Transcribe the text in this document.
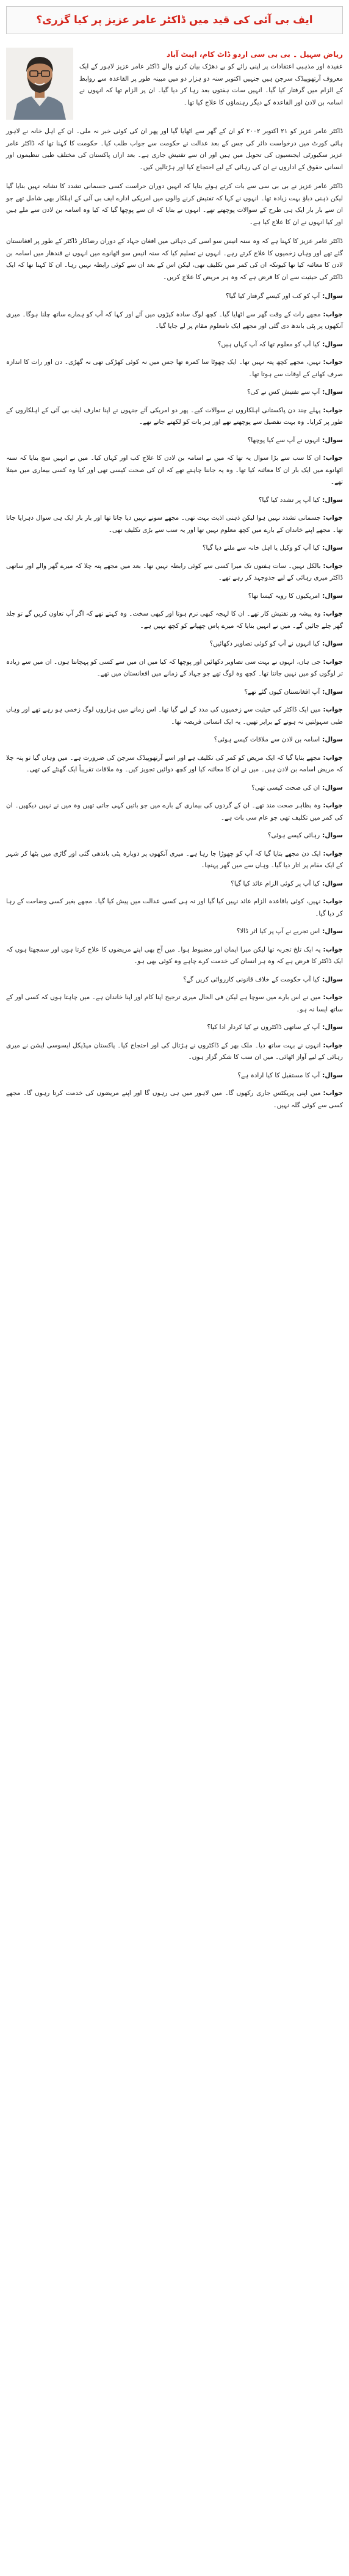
ایف بی آئی کی قید میں ڈاکٹر عامر عزیز پر کیا گزری؟
ریاض سہیل ۔ بی بی سی اردو ڈاٹ کام، ایبٹ آباد
عقیدہ اور مذہبی اعتقادات پر اپنی رائے کو بے دھڑک بیان کرنے والے ڈاکٹر عامر عزیز لاہور کے ایک معروف آرتھوپیڈک سرجن ہیں جنہیں اکتوبر سنہ دو ہزار دو میں مبینہ طور پر القاعدہ سے روابط کے الزام میں گرفتار کیا گیا۔ انہیں سات ہفتوں بعد رہا کر دیا گیا۔ ان پر الزام تھا کہ انہوں نے اسامہ بن لادن اور القاعدہ کے دیگر رہنماؤں کا علاج کیا تھا۔

ڈاکٹر عامر عزیز کو ۲۱ اکتوبر ۲۰۰۲ کو ان کے گھر سے اٹھایا گیا اور پھر ان کی کوئی خبر نہ ملی۔ ان کے اہل خانہ نے لاہور ہائی کورٹ میں درخواست دائر کی جس کے بعد عدالت نے حکومت سے جواب طلب کیا۔ حکومت کا کہنا تھا کہ ڈاکٹر عامر عزیز سکیورٹی ایجنسیوں کی تحویل میں ہیں اور ان سے تفتیش جاری ہے۔ بعد ازاں پاکستان کی مختلف طبی تنظیموں اور انسانی حقوق کے اداروں نے ان کی رہائی کے لیے احتجاج کیا اور ہڑتالیں کیں۔

ڈاکٹر عامر عزیز نے بی بی سی سے بات کرتے ہوئے بتایا کہ انہیں دوران حراست کسی جسمانی تشدد کا نشانہ نہیں بنایا گیا لیکن ذہنی دباؤ بہت زیادہ تھا۔ انہوں نے کہا کہ تفتیش کرنے والوں میں امریکی ادارے ایف بی آئی کے اہلکار بھی شامل تھے جو ان سے بار بار ایک ہی طرح کے سوالات پوچھتے تھے۔ انہوں نے بتایا کہ ان سے پوچھا گیا کہ کیا وہ اسامہ بن لادن سے ملے ہیں اور کیا انہوں نے ان کا علاج کیا ہے۔

ڈاکٹر عامر عزیز کا کہنا ہے کہ وہ سنہ انیس سو اسی کی دہائی میں افغان جہاد کے دوران رضاکار ڈاکٹر کے طور پر افغانستان گئے تھے اور وہاں زخمیوں کا علاج کرتے رہے۔ انہوں نے تسلیم کیا کہ سنہ انیس سو اٹھانوے میں انہوں نے قندھار میں اسامہ بن لادن کا معائنہ کیا تھا کیونکہ ان کی کمر میں تکلیف تھی، لیکن اس کے بعد ان سے کوئی رابطہ نہیں رہا۔ ان کا کہنا تھا کہ ایک ڈاکٹر کی حیثیت سے ان کا فرض ہے کہ وہ ہر مریض کا علاج کریں۔

سوال:آپ کو کب اور کیسے گرفتار کیا گیا؟
جواب:مجھے رات کے وقت گھر سے اٹھایا گیا۔ کچھ لوگ سادہ کپڑوں میں آئے اور کہا کہ آپ کو ہمارے ساتھ چلنا ہوگا۔ میری آنکھوں پر پٹی باندھ دی گئی اور مجھے ایک نامعلوم مقام پر لے جایا گیا۔
سوال:کیا آپ کو معلوم تھا کہ آپ کہاں ہیں؟
جواب:نہیں، مجھے کچھ پتہ نہیں تھا۔ ایک چھوٹا سا کمرہ تھا جس میں نہ کوئی کھڑکی تھی نہ گھڑی۔ دن اور رات کا اندازہ صرف کھانے کے اوقات سے ہوتا تھا۔
سوال:آپ سے تفتیش کس نے کی؟
جواب:پہلے چند دن پاکستانی اہلکاروں نے سوالات کیے۔ پھر دو امریکی آئے جنہوں نے اپنا تعارف ایف بی آئی کے اہلکاروں کے طور پر کرایا۔ وہ بہت تفصیل سے پوچھتے تھے اور ہر بات کو لکھتے جاتے تھے۔
سوال:انہوں نے آپ سے کیا پوچھا؟
جواب:ان کا سب سے بڑا سوال یہ تھا کہ میں نے اسامہ بن لادن کا علاج کب اور کہاں کیا۔ میں نے انہیں سچ بتایا کہ سنہ اٹھانوے میں ایک بار ان کا معائنہ کیا تھا۔ وہ یہ جاننا چاہتے تھے کہ ان کی صحت کیسی تھی اور کیا وہ کسی بیماری میں مبتلا تھے۔
سوال:کیا آپ پر تشدد کیا گیا؟
جواب:جسمانی تشدد نہیں ہوا لیکن ذہنی اذیت بہت تھی۔ مجھے سونے نہیں دیا جاتا تھا اور بار بار ایک ہی سوال دہرایا جاتا تھا۔ مجھے اپنے خاندان کے بارے میں کچھ معلوم نہیں تھا اور یہ سب سے بڑی تکلیف تھی۔
سوال:کیا آپ کو وکیل یا اہل خانہ سے ملنے دیا گیا؟
جواب:بالکل نہیں۔ سات ہفتوں تک میرا کسی سے کوئی رابطہ نہیں تھا۔ بعد میں مجھے پتہ چلا کہ میرے گھر والے اور ساتھی ڈاکٹر میری رہائی کے لیے جدوجہد کر رہے تھے۔
سوال:امریکیوں کا رویہ کیسا تھا؟
جواب:وہ پیشہ ور تفتیش کار تھے۔ ان کا لہجہ کبھی نرم ہوتا اور کبھی سخت۔ وہ کہتے تھے کہ اگر آپ تعاون کریں گے تو جلد گھر چلے جائیں گے۔ میں نے انہیں بتایا کہ میرے پاس چھپانے کو کچھ نہیں ہے۔
سوال:کیا انہوں نے آپ کو کوئی تصاویر دکھائیں؟
جواب:جی ہاں، انہوں نے بہت سی تصاویر دکھائیں اور پوچھا کہ کیا میں ان میں سے کسی کو پہچانتا ہوں۔ ان میں سے زیادہ تر لوگوں کو میں نہیں جانتا تھا۔ کچھ وہ لوگ تھے جو جہاد کے زمانے میں افغانستان میں تھے۔
سوال:آپ افغانستان کیوں گئے تھے؟
جواب:میں ایک ڈاکٹر کی حیثیت سے زخمیوں کی مدد کے لیے گیا تھا۔ اس زمانے میں ہزاروں لوگ زخمی ہو رہے تھے اور وہاں طبی سہولتیں نہ ہونے کے برابر تھیں۔ یہ ایک انسانی فریضہ تھا۔
سوال:اسامہ بن لادن سے ملاقات کیسے ہوئی؟
جواب:مجھے بتایا گیا کہ ایک مریض کو کمر کی تکلیف ہے اور اسے آرتھوپیڈک سرجن کی ضرورت ہے۔ میں وہاں گیا تو پتہ چلا کہ مریض اسامہ بن لادن ہیں۔ میں نے ان کا معائنہ کیا اور کچھ دوائیں تجویز کیں۔ وہ ملاقات تقریباً ایک گھنٹے کی تھی۔
سوال:ان کی صحت کیسی تھی؟
جواب:وہ بظاہر صحت مند تھے۔ ان کے گردوں کی بیماری کے بارے میں جو باتیں کہی جاتی تھیں وہ میں نے نہیں دیکھیں۔ ان کی کمر میں تکلیف تھی جو عام سی بات ہے۔
سوال:رہائی کیسے ہوئی؟
جواب:ایک دن مجھے بتایا گیا کہ آپ کو چھوڑا جا رہا ہے۔ میری آنکھوں پر دوبارہ پٹی باندھی گئی اور گاڑی میں بٹھا کر شہر کے ایک مقام پر اتار دیا گیا۔ وہاں سے میں گھر پہنچا۔
سوال:کیا آپ پر کوئی الزام عائد کیا گیا؟
جواب:نہیں، کوئی باقاعدہ الزام عائد نہیں کیا گیا اور نہ ہی کسی عدالت میں پیش کیا گیا۔ مجھے بغیر کسی وضاحت کے رہا کر دیا گیا۔
سوال:اس تجربے نے آپ پر کیا اثر ڈالا؟
جواب:یہ ایک تلخ تجربہ تھا لیکن میرا ایمان اور مضبوط ہوا۔ میں آج بھی اپنے مریضوں کا علاج کرتا ہوں اور سمجھتا ہوں کہ ایک ڈاکٹر کا فرض ہے کہ وہ ہر انسان کی خدمت کرے چاہے وہ کوئی بھی ہو۔
سوال:کیا آپ حکومت کے خلاف قانونی کارروائی کریں گے؟
جواب:میں نے اس بارے میں سوچا ہے لیکن فی الحال میری ترجیح اپنا کام اور اپنا خاندان ہے۔ میں چاہتا ہوں کہ کسی اور کے ساتھ ایسا نہ ہو۔
سوال:آپ کے ساتھی ڈاکٹروں نے کیا کردار ادا کیا؟
جواب:انہوں نے بہت ساتھ دیا۔ ملک بھر کے ڈاکٹروں نے ہڑتال کی اور احتجاج کیا۔ پاکستان میڈیکل ایسوسی ایشن نے میری رہائی کے لیے آواز اٹھائی۔ میں ان سب کا شکر گزار ہوں۔
سوال:آپ کا مستقبل کا کیا ارادہ ہے؟
جواب:میں اپنی پریکٹس جاری رکھوں گا۔ میں لاہور میں ہی رہوں گا اور اپنے مریضوں کی خدمت کرتا رہوں گا۔ مجھے کسی سے کوئی گلہ نہیں۔
